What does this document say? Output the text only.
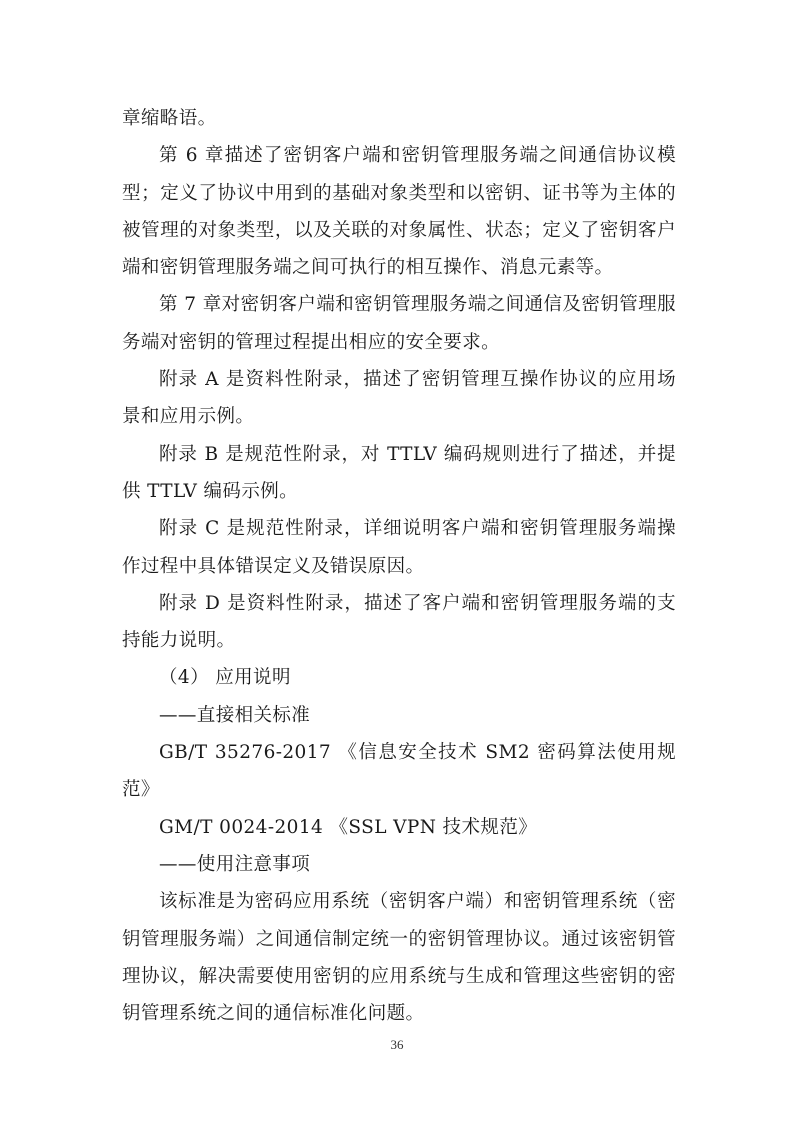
章缩略语。

第 6 章描述了密钥客户端和密钥管理服务端之间通信协议模型；定义了协议中用到的基础对象类型和以密钥、证书等为主体的被管理的对象类型，以及关联的对象属性、状态；定义了密钥客户端和密钥管理服务端之间可执行的相互操作、消息元素等。

第 7 章对密钥客户端和密钥管理服务端之间通信及密钥管理服务端对密钥的管理过程提出相应的安全要求。

附录 A 是资料性附录，描述了密钥管理互操作协议的应用场景和应用示例。

附录 B 是规范性附录，对 TTLV 编码规则进行了描述，并提供 TTLV 编码示例。

附录 C 是规范性附录，详细说明客户端和密钥管理服务端操作过程中具体错误定义及错误原因。

附录 D 是资料性附录，描述了客户端和密钥管理服务端的支持能力说明。

（4） 应用说明

——直接相关标准

GB/T 35276-2017 《信息安全技术 SM2 密码算法使用规范》

GM/T 0024-2014 《SSL VPN 技术规范》

——使用注意事项

该标准是为密码应用系统（密钥客户端）和密钥管理系统（密钥管理服务端）之间通信制定统一的密钥管理协议。通过该密钥管理协议，解决需要使用密钥的应用系统与生成和管理这些密钥的密钥管理系统之间的通信标准化问题。

36
